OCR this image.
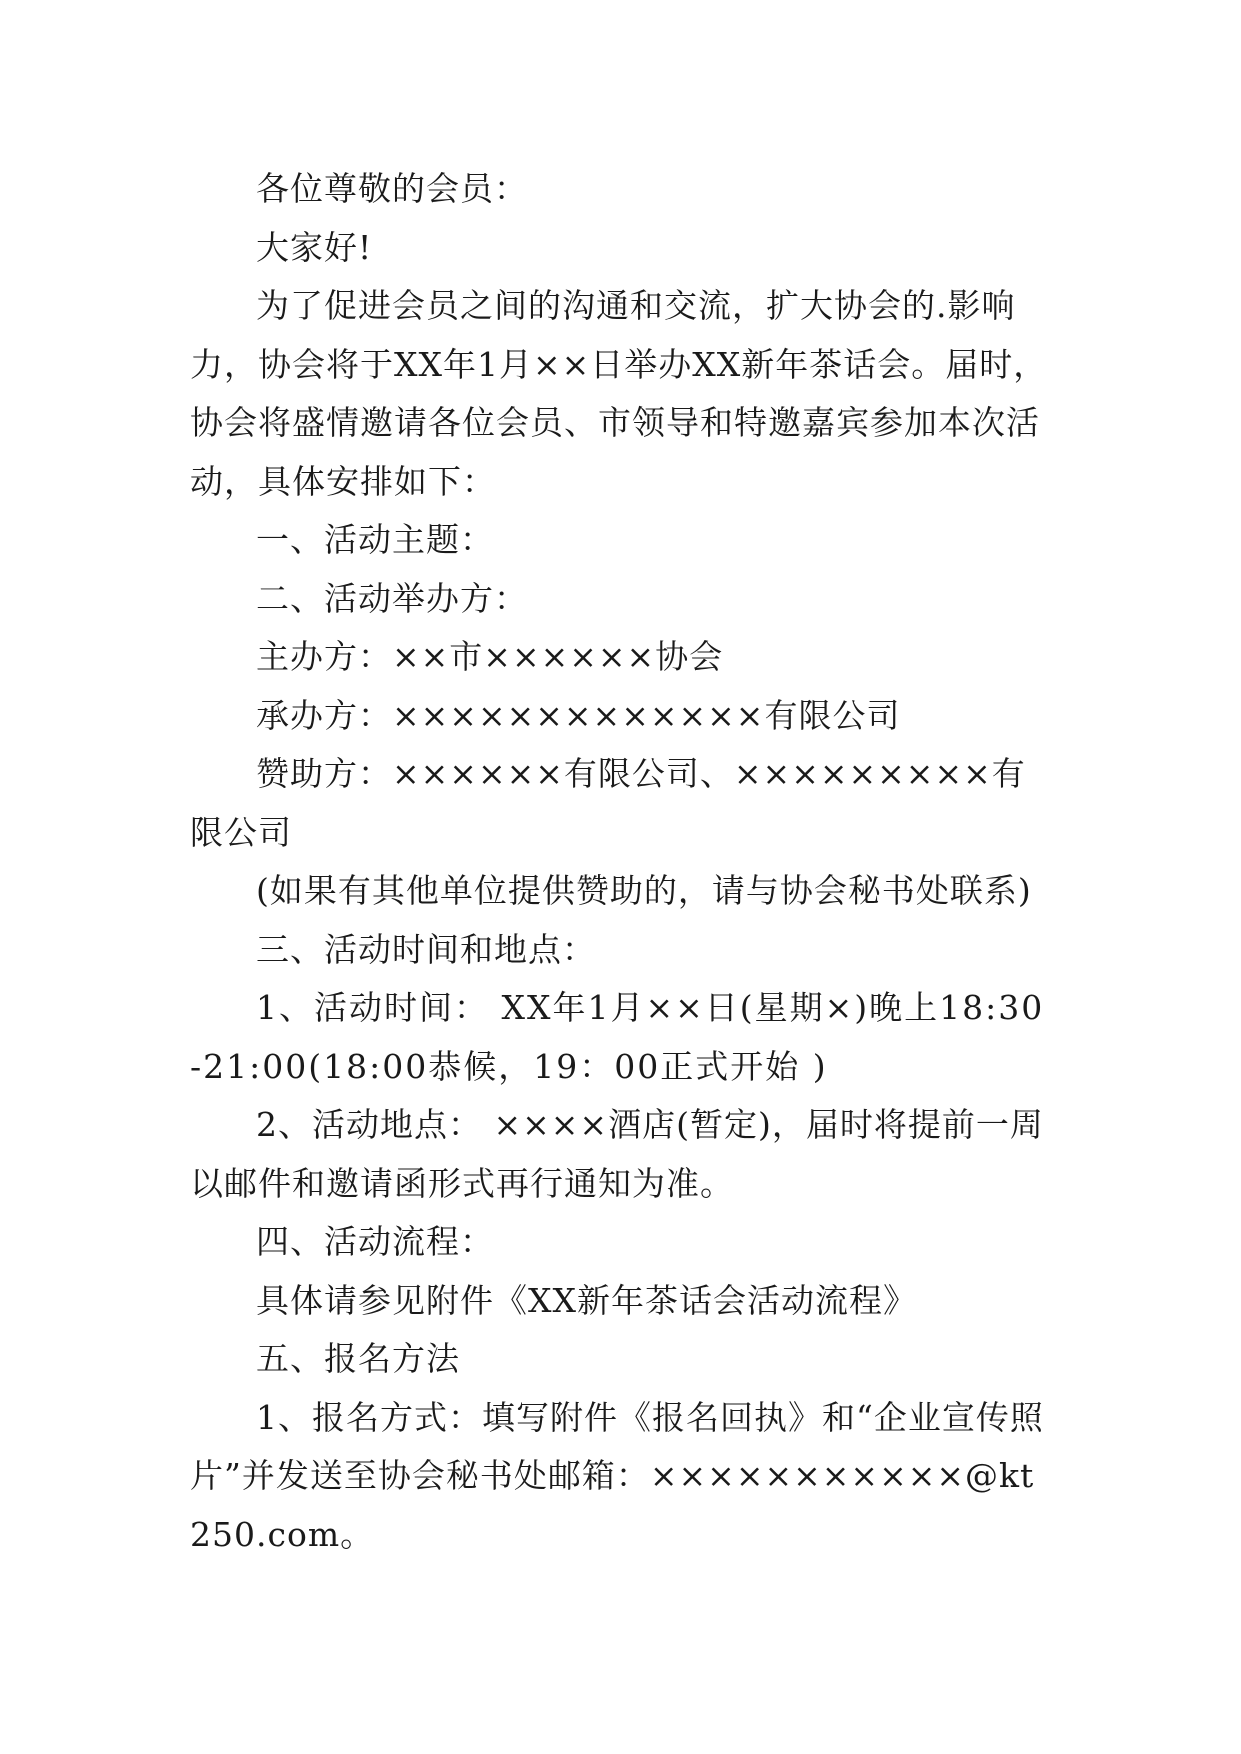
各位尊敬的会员：

大家好!

为了促进会员之间的沟通和交流，扩大协会的.影响力，协会将于XX年1月××日举办XX新年茶话会。届时，协会将盛情邀请各位会员、市领导和特邀嘉宾参加本次活动，具体安排如下：

一、活动主题：

二、活动举办方：

主办方：××市××××××协会

承办方：×××××××××××××有限公司

赞助方：××××××有限公司、×××××××××有限公司

(如果有其他单位提供赞助的，请与协会秘书处联系)

三、活动时间和地点：

1、活动时间： XX年1月××日(星期×)晚上18:30-21:00(18:00恭候，19：00正式开始 )

2、活动地点： ××××酒店(暂定)，届时将提前一周以邮件和邀请函形式再行通知为准。

四、活动流程：

具体请参见附件《XX新年茶话会活动流程》

五、报名方法

1、报名方式：填写附件《报名回执》和“企业宣传照片”并发送至协会秘书处邮箱：×××××××××××@kt250.com。
